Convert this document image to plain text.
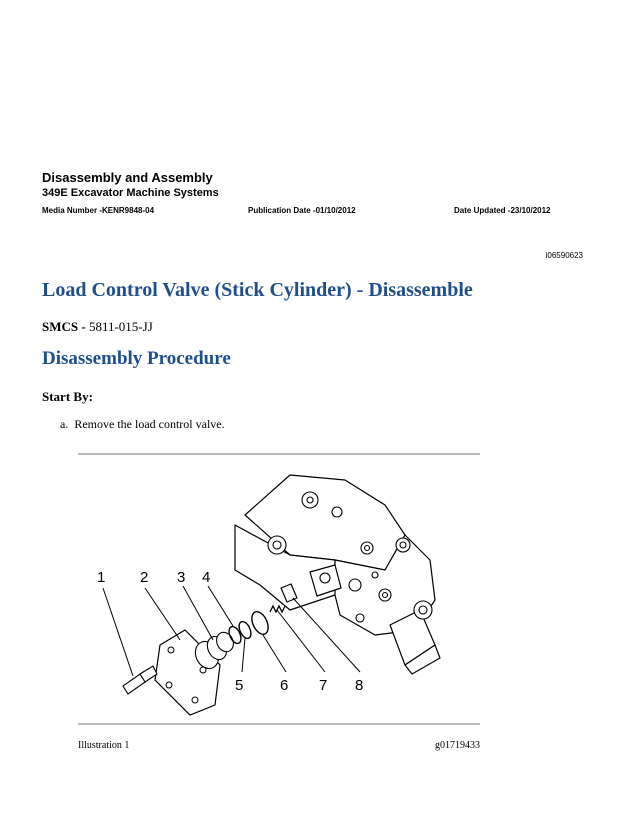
Disassembly and Assembly
349E Excavator Machine Systems
Media Number -KENR9848-04	Publication Date -01/10/2012	Date Updated -23/10/2012
i06590623
Load Control Valve (Stick Cylinder) - Disassemble
SMCS - 5811-015-JJ
Disassembly Procedure
Start By:
a. Remove the load control valve.
1 2 3 4
5 6 7 8
Illustration 1	g01719433
